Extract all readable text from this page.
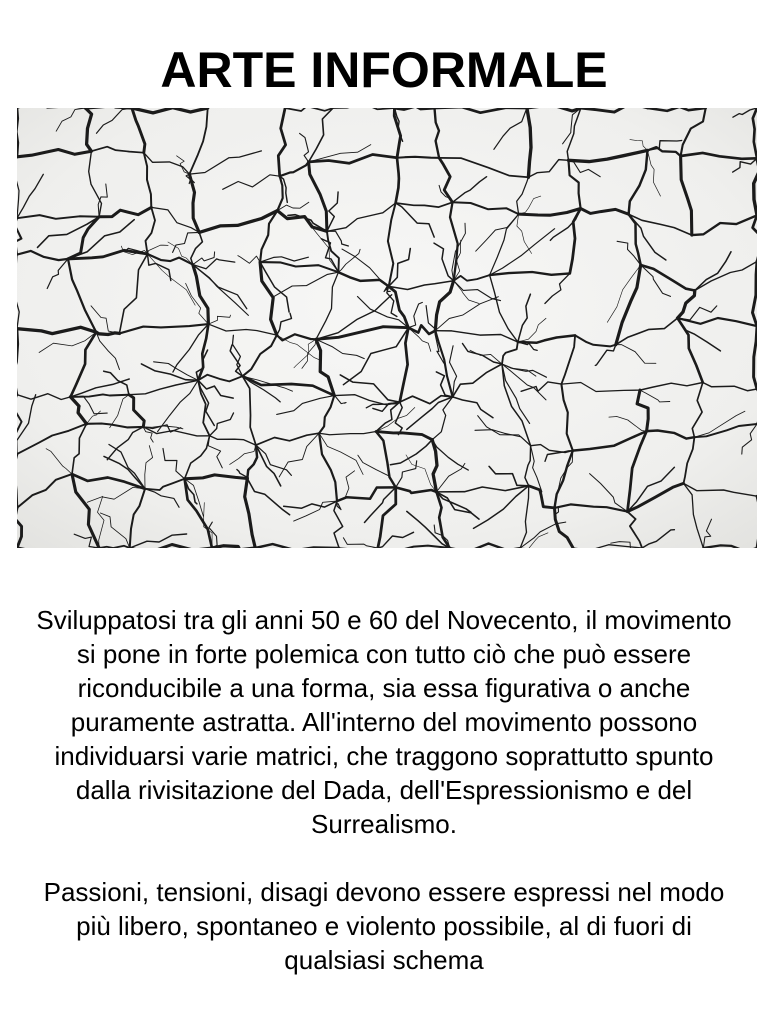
ARTE INFORMALE

Sviluppatosi tra gli anni 50 e 60 del Novecento, il movimento si pone in forte polemica con tutto ciò che può essere riconducibile a una forma, sia essa figurativa o anche puramente astratta. All'interno del movimento possono individuarsi varie matrici, che traggono soprattutto spunto dalla rivisitazione del Dada, dell'Espressionismo e del Surrealismo.

Passioni, tensioni, disagi devono essere espressi nel modo più libero, spontaneo e violento possibile, al di fuori di qualsiasi schema
